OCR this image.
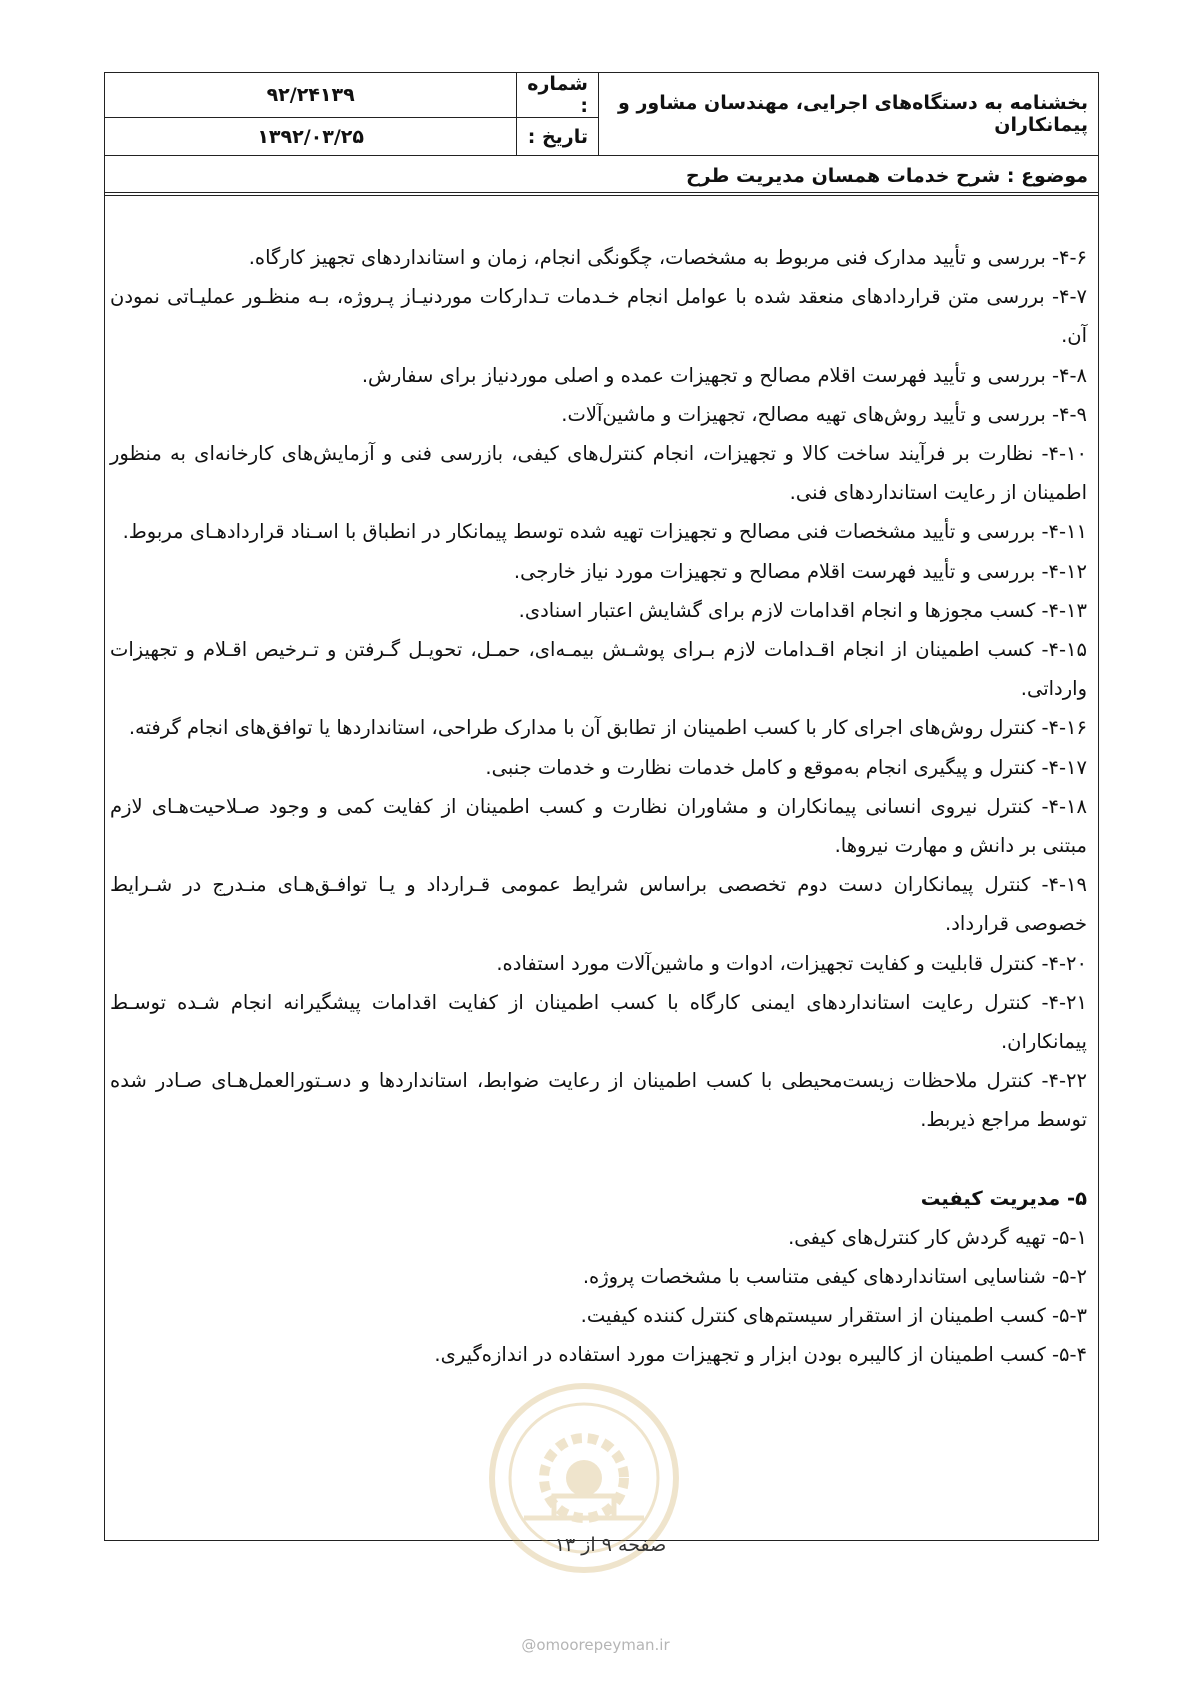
بخشنامه به دستگاه‌های اجرایی، مهندسان مشاور و پیمانکاران	شماره :	۹۲/۲۴۱۳۹
	تاریخ :	۱۳۹۲/۰۳/۲۵
موضوع : شرح خدمات همسان مدیریت طرح		
۴-۶- بررسی و تأیید مدارک فنی مربوط به مشخصات، چگونگی انجام، زمان و استانداردهای تجهیز کارگاه.
۴-۷- بررسی متن قراردادهای منعقد شده با عوامل انجام خـدمات تـدارکات موردنیـاز پـروژه، بـه منظـور عملیـاتی نمودن آن.
۴-۸- بررسی و تأیید فهرست اقلام مصالح و تجهیزات عمده و اصلی موردنیاز برای سفارش.
۴-۹- بررسی و تأیید روش‌های تهیه مصالح، تجهیزات و ماشین‌آلات.
۴-۱۰- نظارت بر فرآیند ساخت کالا و تجهیزات، انجام کنترل‌های کیفی، بازرسی فنی و آزمایش‌های کارخانه‌ای به منظور اطمینان از رعایت استانداردهای فنی.
۴-۱۱- بررسی و تأیید مشخصات فنی مصالح و تجهیزات تهیه شده توسط پیمانکار در انطباق با اسـناد قراردادهـای مربوط.
۴-۱۲- بررسی و تأیید فهرست اقلام مصالح و تجهیزات مورد نیاز خارجی.
۴-۱۳- کسب مجوزها و انجام اقدامات لازم برای گشایش اعتبار اسنادی.
۴-۱۵- کسب اطمینان از انجام اقـدامات لازم بـرای پوشـش بیمـه‌ای، حمـل، تحویـل گـرفتن و تـرخیص اقـلام و تجهیزات وارداتی.
۴-۱۶- کنترل روش‌های اجرای کار با کسب اطمینان از تطابق آن با مدارک طراحی، استانداردها یا توافق‌های انجام گرفته.
۴-۱۷- کنترل و پیگیری انجام به‌موقع و کامل خدمات نظارت و خدمات جنبی.
۴-۱۸- کنترل نیروی انسانی پیمانکاران و مشاوران نظارت و کسب اطمینان از کفایت کمی و وجود صـلاحیت‌هـای لازم مبتنی بر دانش و مهارت نیروها.
۴-۱۹- کنترل پیمانکاران دست دوم تخصصی براساس شرایط عمومی قـرارداد و یـا توافـق‌هـای منـدرج در شـرایط خصوصی قرارداد.
۴-۲۰- کنترل قابلیت و کفایت تجهیزات، ادوات و ماشین‌آلات مورد استفاده.
۴-۲۱- کنترل رعایت استانداردهای ایمنی کارگاه با کسب اطمینان از کفایت اقدامات پیشگیرانه انجام شـده توسـط پیمانکاران.
۴-۲۲- کنترل ملاحظات زیست‌محیطی با کسب اطمینان از رعایت ضوابط، استانداردها و دسـتورالعمل‌هـای صـادر شده توسط مراجع ذیربط.
۵- مدیریت کیفیت
۵-۱- تهیه گردش کار کنترل‌های کیفی.
۵-۲- شناسایی استانداردهای کیفی متناسب با مشخصات پروژه.
۵-۳- کسب اطمینان از استقرار سیستم‌های کنترل کننده کیفیت.
۵-۴- کسب اطمینان از کالیبره بودن ابزار و تجهیزات مورد استفاده در اندازه‌گیری.
صفحه ۹ از ۱۳
@omoorepeyman.ir
